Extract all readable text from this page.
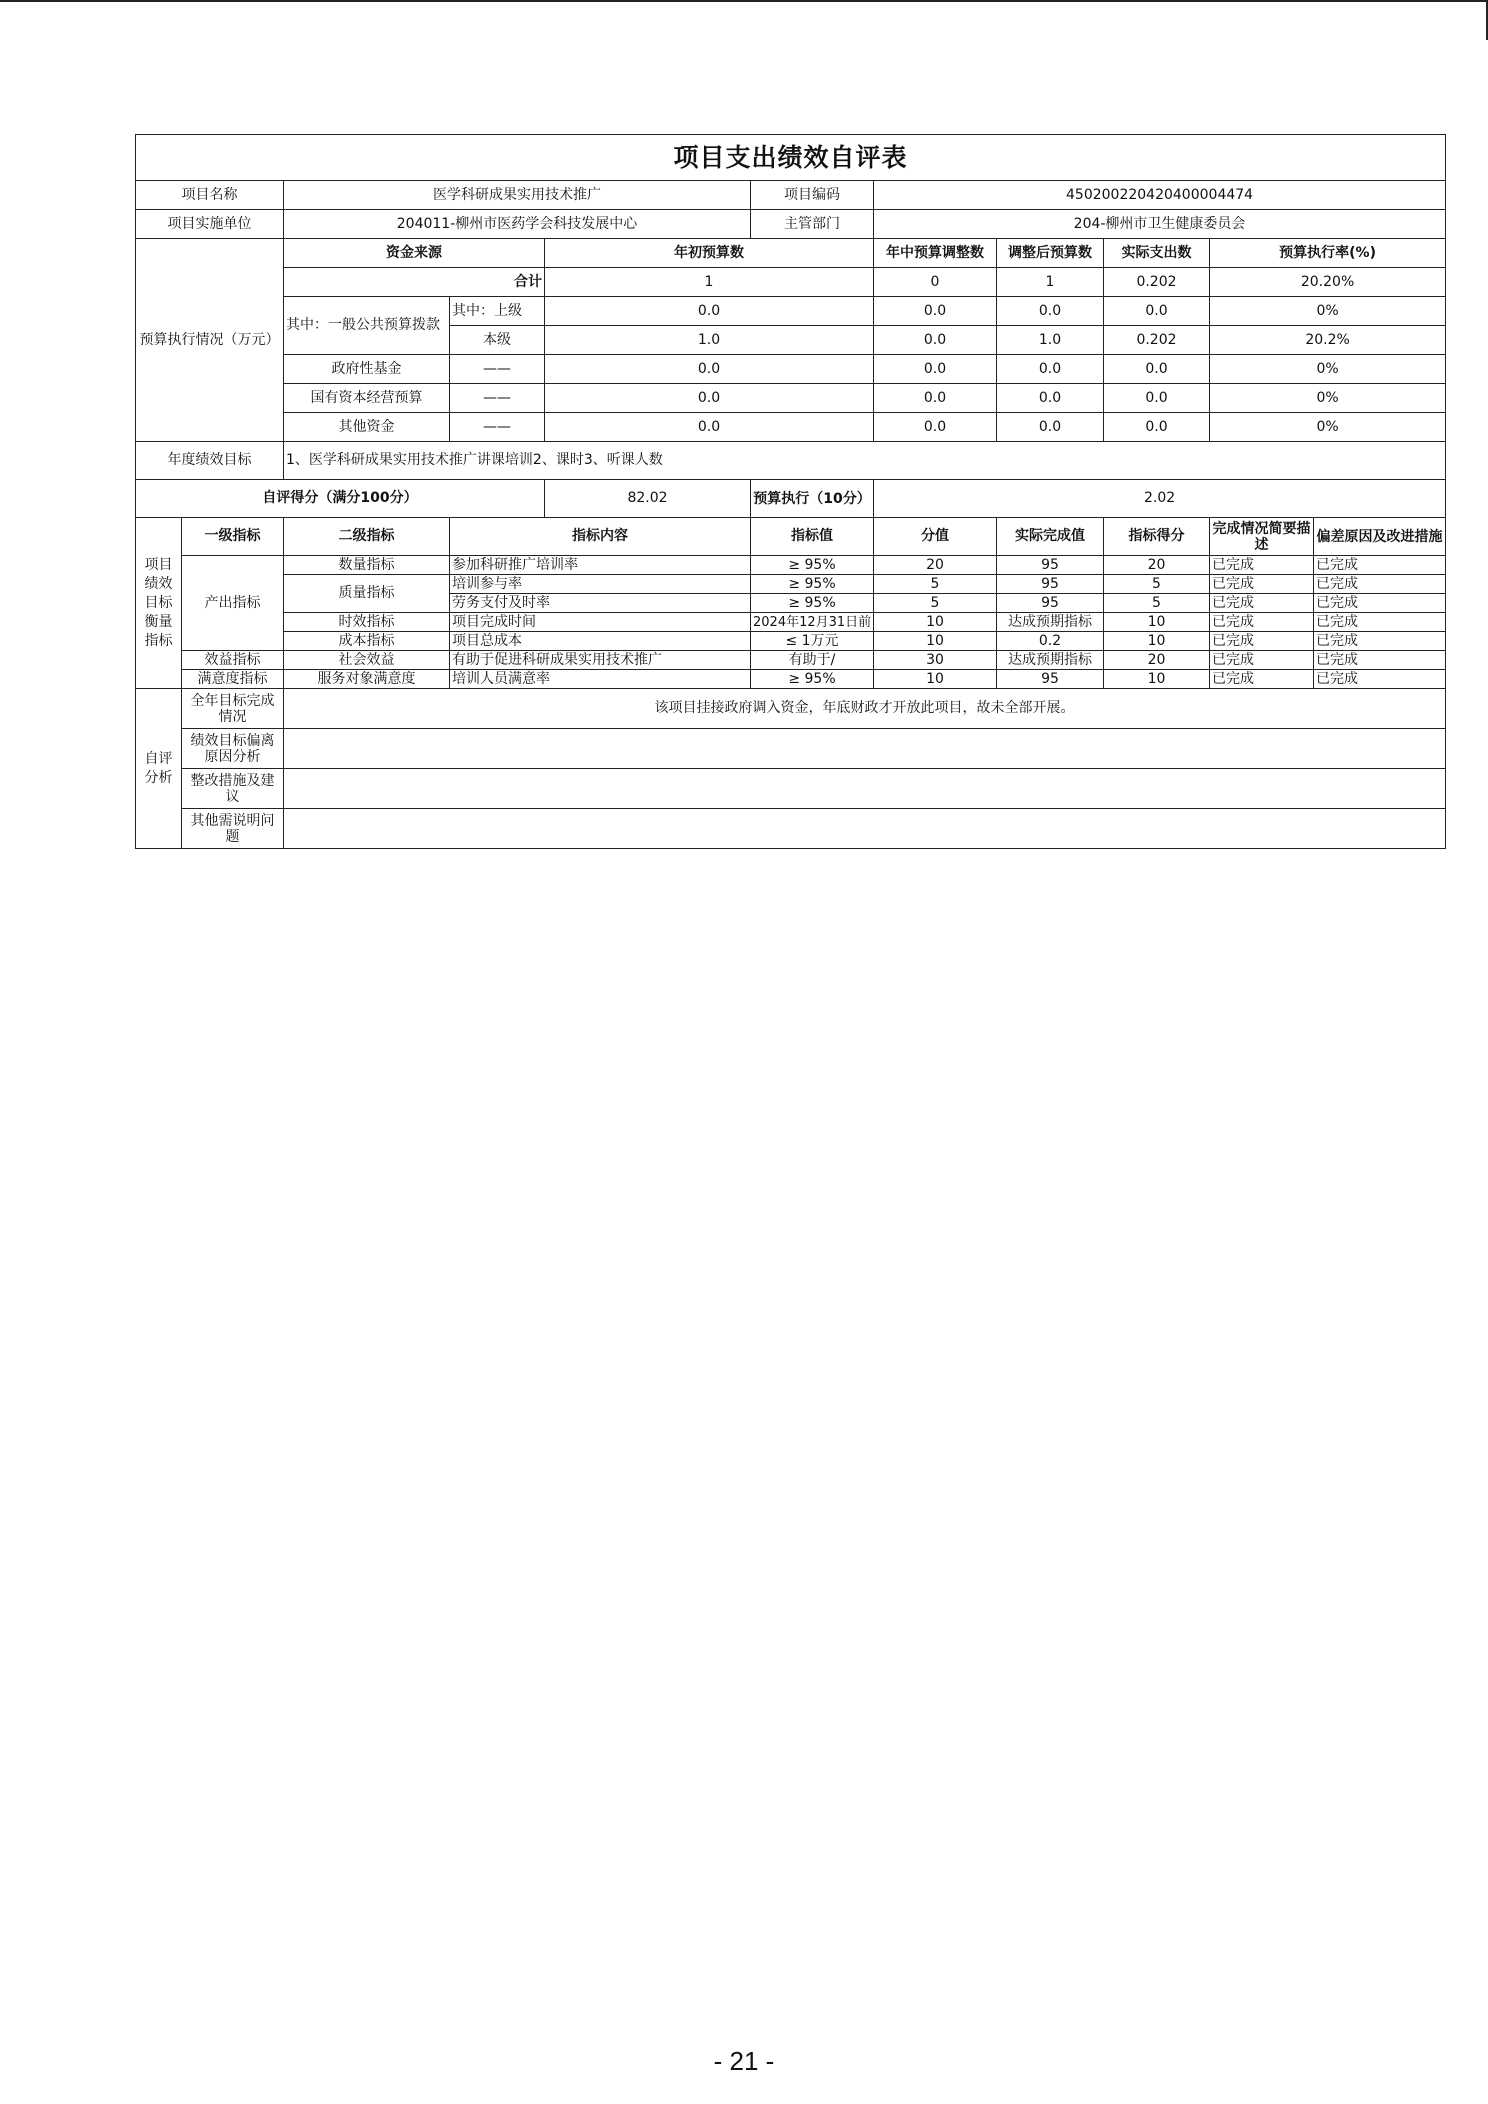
项目支出绩效自评表										
项目名称		医学科研成果实用技术推广			项目编码	450200220420400004474				
项目实施单位		204011-柳州市医药学会科技发展中心			主管部门	204-柳州市卫生健康委员会				
预算执行情况（万元）		资金来源		年初预算数		年中预算调整数	调整后预算数	实际支出数	预算执行率(%)	
		合计		1		0	1	0.202	20.20%	
		其中：一般公共预算拨款	其中：上级	0.0		0.0	0.0	0.0	0%	
			本级	1.0		0.0	1.0	0.202	20.2%	
		政府性基金	——	0.0		0.0	0.0	0.0	0%	
		国有资本经营预算	——	0.0		0.0	0.0	0.0	0%	
		其他资金	——	0.0		0.0	0.0	0.0	0%	
年度绩效目标		1、医学科研成果实用技术推广讲课培训2、课时3、听课人数								
自评得分（满分100分）				82.02	预算执行（10分）	2.02				
项目绩效目标衡量指标	一级指标	二级指标	指标内容		指标值	分值	实际完成值	指标得分	完成情况简要描述	偏差原因及改进措施
	产出指标	数量指标	参加科研推广培训率		≥ 95%	20	95	20	已完成	已完成
		质量指标	培训参与率		≥ 95%	5	95	5	已完成	已完成
			劳务支付及时率		≥ 95%	5	95	5	已完成	已完成
		时效指标	项目完成时间		2024年12月31日前	10	达成预期指标	10	已完成	已完成
		成本指标	项目总成本		≤ 1万元	10	0.2	10	已完成	已完成
	效益指标	社会效益	有助于促进科研成果实用技术推广		有助于/	30	达成预期指标	20	已完成	已完成
	满意度指标	服务对象满意度	培训人员满意率		≥ 95%	10	95	10	已完成	已完成
自评分析	全年目标完成情况	该项目挂接政府调入资金，年底财政才开放此项目，故未全部开展。								
	绩效目标偏离原因分析									
	整改措施及建议									
	其他需说明问题									
- 21 -
